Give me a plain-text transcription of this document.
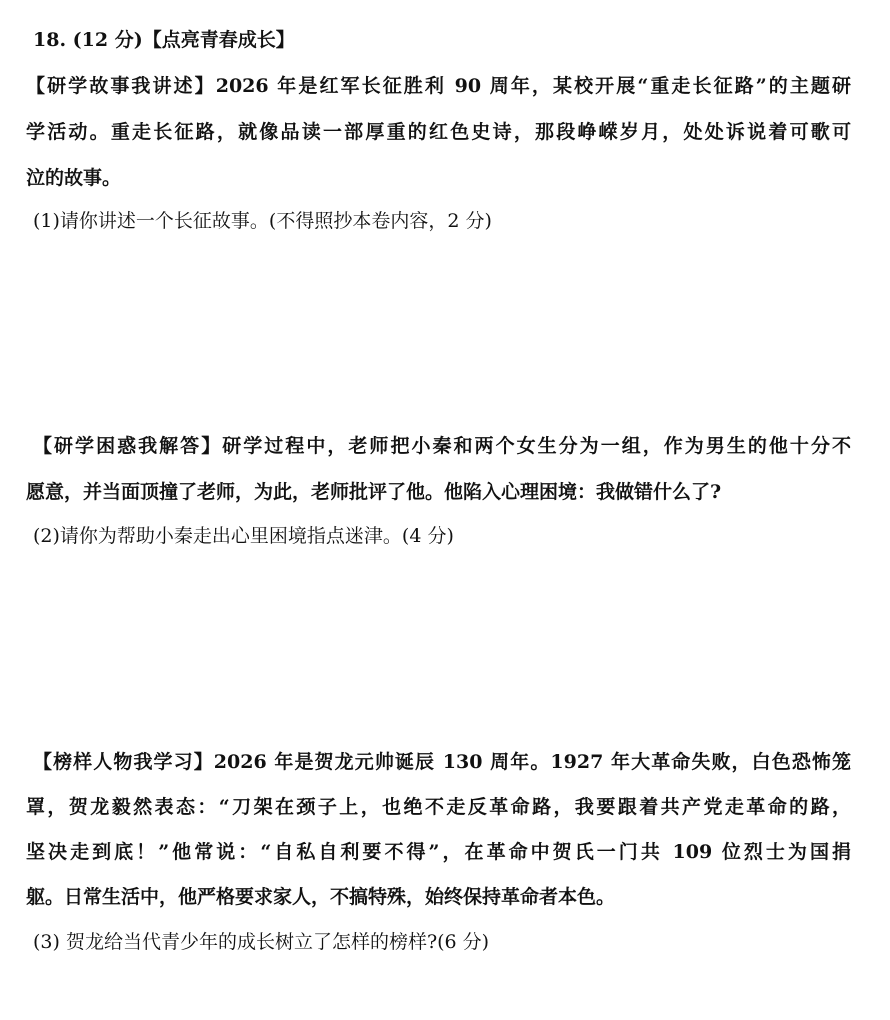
18. (12 分)【点亮青春成长】
【研学故事我讲述】2026 年是红军长征胜利 90 周年，某校开展“重走长征路”的主题研
学活动。重走长征路，就像品读一部厚重的红色史诗，那段峥嵘岁月，处处诉说着可歌可
泣的故事。
(1)请你讲述一个长征故事。(不得照抄本卷内容，2 分)
【研学困惑我解答】研学过程中，老师把小秦和两个女生分为一组，作为男生的他十分不
愿意，并当面顶撞了老师，为此，老师批评了他。他陷入心理困境：我做错什么了?
(2)请你为帮助小秦走出心里困境指点迷津。(4 分)
【榜样人物我学习】2026 年是贺龙元帅诞辰 130 周年。1927 年大革命失败，白色恐怖笼
罩，贺龙毅然表态：“刀架在颈子上，也绝不走反革命路，我要跟着共产党走革命的路，
坚决走到底！”他常说：“自私自利要不得”，在革命中贺氏一门共 109 位烈士为国捐
躯。日常生活中，他严格要求家人，不搞特殊，始终保持革命者本色。
(3) 贺龙给当代青少年的成长树立了怎样的榜样?(6 分)
